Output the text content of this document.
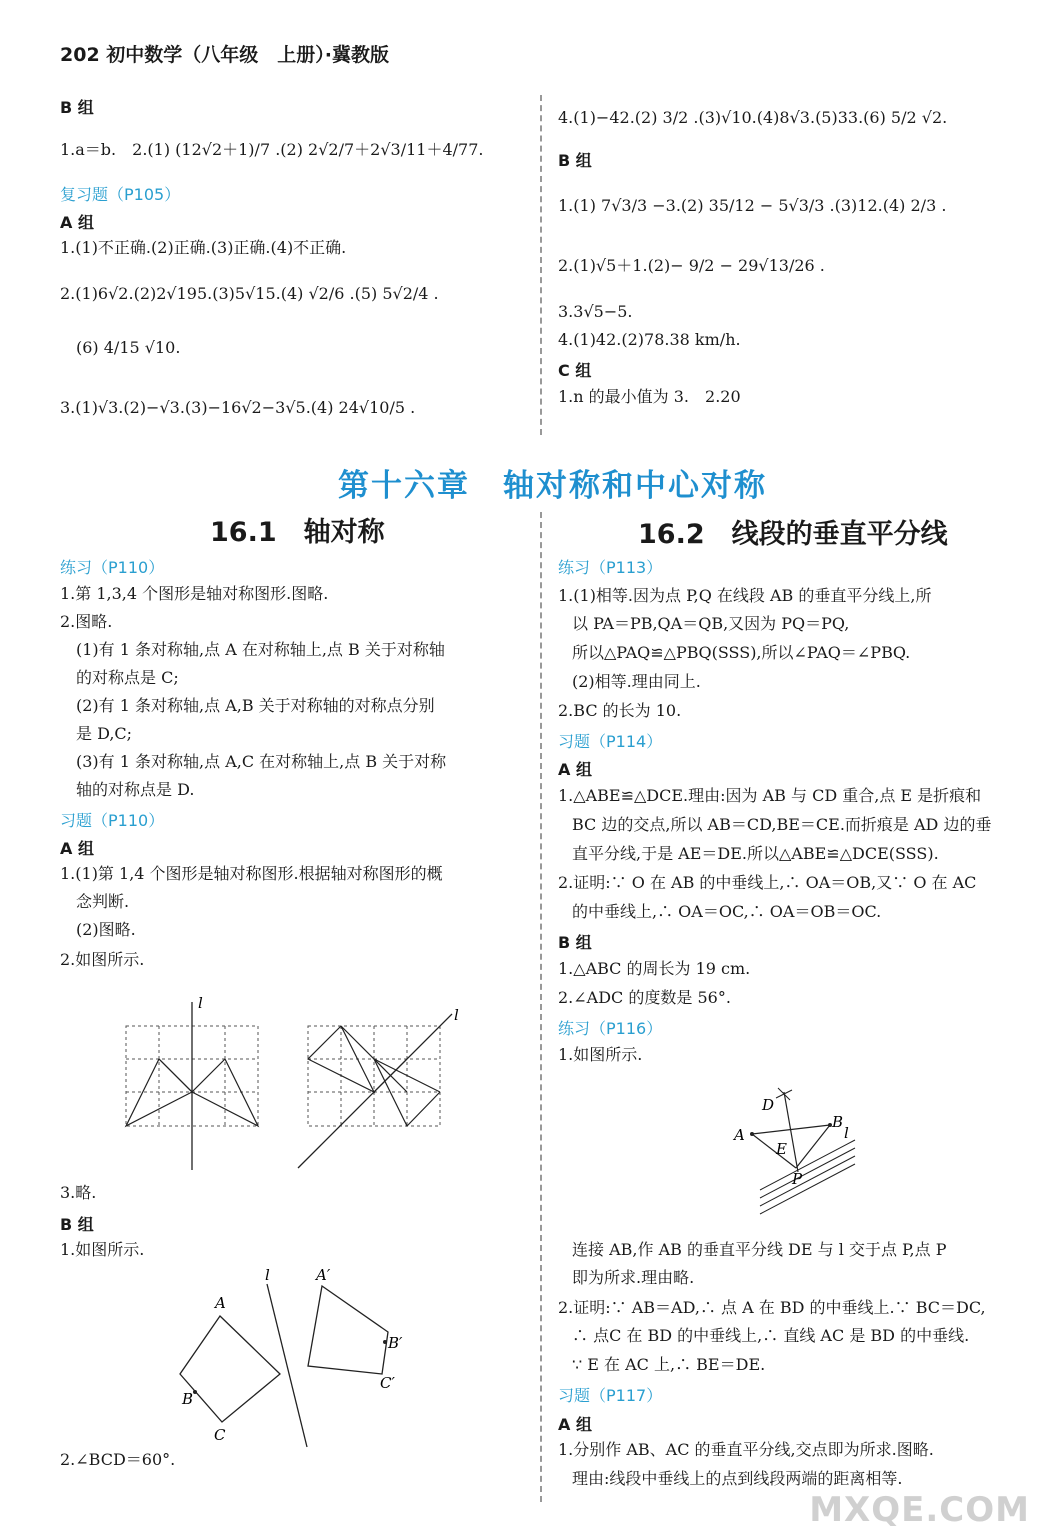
202 初中数学（八年级　上册）·冀教版
B 组
1.a＝b.　2.(1) (12√2＋1)/7 .(2) 2√2/7＋2√3/11＋4/77.
复习题（P105）
A 组
1.(1)不正确.(2)正确.(3)正确.(4)不正确.
2.(1)6√2.(2)2√195.(3)5√15.(4) √2/6 .(5) 5√2/4 .
(6) 4/15 √10.
3.(1)√3.(2)−√3.(3)−16√2−3√5.(4) 24√10/5 .
4.(1)−42.(2) 3/2 .(3)√10.(4)8√3.(5)33.(6) 5/2 √2.
B 组
1.(1) 7√3/3 −3.(2) 35/12 − 5√3/3 .(3)12.(4) 2/3 .
2.(1)√5＋1.(2)− 9/2 − 29√13/26 .
3.3√5−5.
4.(1)42.(2)78.38 km/h.
C 组
1.n 的最小值为 3.　2.20
第十六章　轴对称和中心对称
16.1　轴对称
练习（P110）
1.第 1,3,4 个图形是轴对称图形.图略.
2.图略.
(1)有 1 条对称轴,点 A 在对称轴上,点 B 关于对称轴
的对称点是 C;
(2)有 1 条对称轴,点 A,B 关于对称轴的对称点分别
是 D,C;
(3)有 1 条对称轴,点 A,C 在对称轴上,点 B 关于对称
轴的对称点是 D.
习题（P110）
A 组
1.(1)第 1,4 个图形是轴对称图形.根据轴对称图形的概
念判断.
(2)图略.
2.如图所示.
l
l
3.略.
B 组
1.如图所示.
A
B
C
l	A′
B′
C′
2.∠BCD＝60°.
16.2　线段的垂直平分线
练习（P113）
1.(1)相等.因为点 P,Q 在线段 AB 的垂直平分线上,所
以 PA＝PB,QA＝QB,又因为 PQ＝PQ,
所以△PAQ≌△PBQ(SSS),所以∠PAQ＝∠PBQ.
(2)相等.理由同上.
2.BC 的长为 10.
习题（P114）
A 组
1.△ABE≌△DCE.理由:因为 AB 与 CD 重合,点 E 是折痕和
BC 边的交点,所以 AB＝CD,BE＝CE.而折痕是 AD 边的垂
直平分线,于是 AE＝DE.所以△ABE≌△DCE(SSS).
2.证明:∵ O 在 AB 的中垂线上,∴ OA＝OB,又∵ O 在 AC
的中垂线上,∴ OA＝OC,∴ OA＝OB＝OC.
B 组
1.△ABC 的周长为 19 cm.
2.∠ADC 的度数是 56°.
练习（P116）
1.如图所示.
D
A
B
E
P
l
连接 AB,作 AB 的垂直平分线 DE 与 l 交于点 P,点 P
即为所求.理由略.
2.证明:∵ AB＝AD,∴ 点 A 在 BD 的中垂线上.∵ BC＝DC,
∴ 点C 在 BD 的中垂线上,∴ 直线 AC 是 BD 的中垂线.
∵ E 在 AC 上,∴ BE＝DE.
习题（P117）
A 组
1.分别作 AB、AC 的垂直平分线,交点即为所求.图略.
理由:线段中垂线上的点到线段两端的距离相等.
MXQE.COM
